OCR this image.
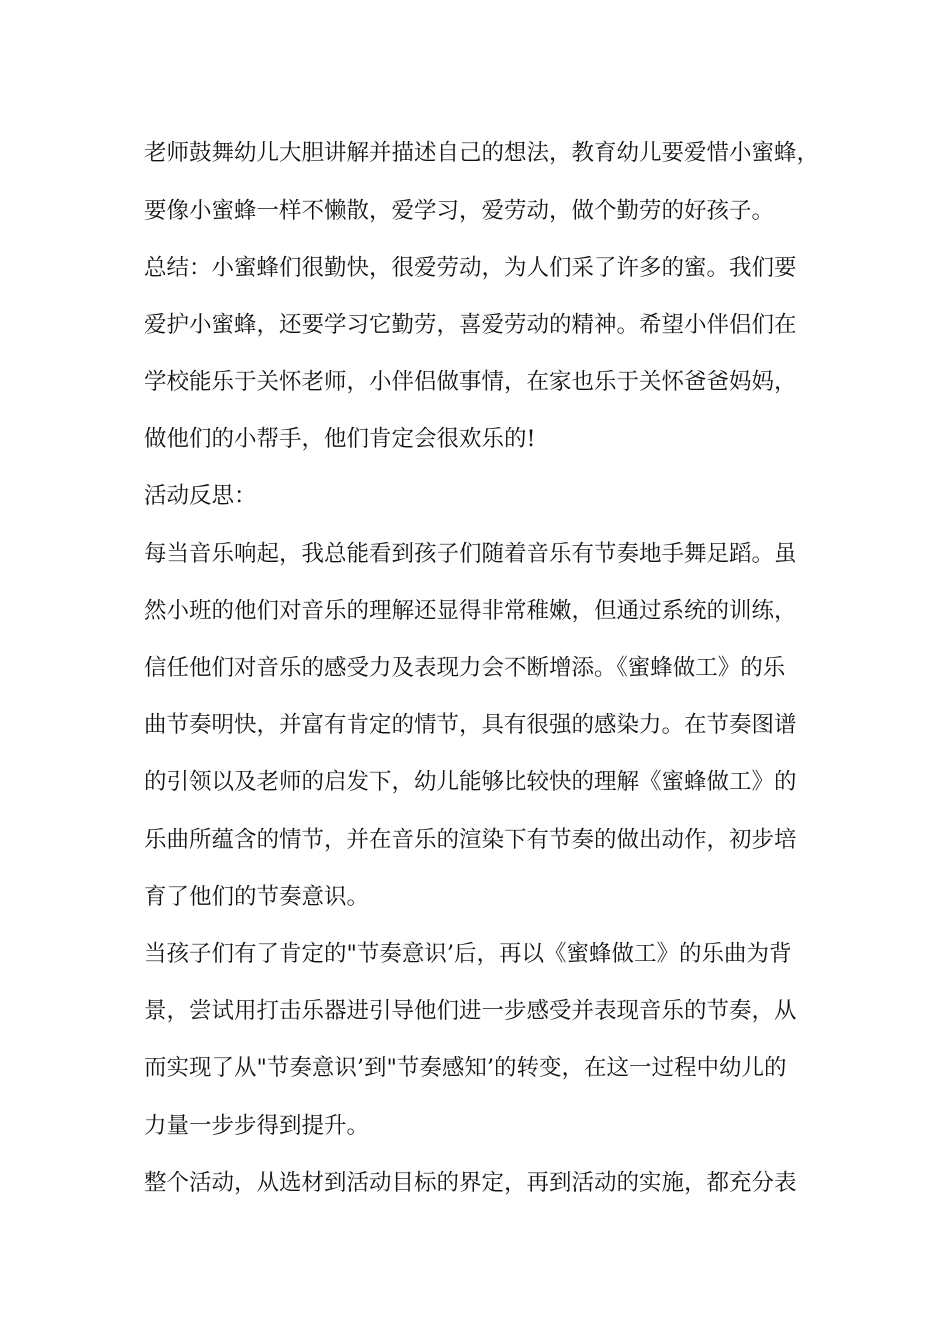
老师鼓舞幼儿大胆讲解并描述自己的想法，教育幼儿要爱惜小蜜蜂，
要像小蜜蜂一样不懒散，爱学习，爱劳动，做个勤劳的好孩子。
总结：小蜜蜂们很勤快，很爱劳动，为人们采了许多的蜜。我们要
爱护小蜜蜂，还要学习它勤劳，喜爱劳动的精神。希望小伴侣们在
学校能乐于关怀老师，小伴侣做事情，在家也乐于关怀爸爸妈妈，
做他们的小帮手，他们肯定会很欢乐的!
活动反思：
每当音乐响起，我总能看到孩子们随着音乐有节奏地手舞足蹈。虽
然小班的他们对音乐的理解还显得非常稚嫩，但通过系统的训练，
信任他们对音乐的感受力及表现力会不断增添。《蜜蜂做工》的乐
曲节奏明快，并富有肯定的情节，具有很强的感染力。在节奏图谱
的引领以及老师的启发下，幼儿能够比较快的理解《蜜蜂做工》的
乐曲所蕴含的情节，并在音乐的渲染下有节奏的做出动作，初步培
育了他们的节奏意识。
当孩子们有了肯定的"节奏意识’后，再以《蜜蜂做工》的乐曲为背
景，尝试用打击乐器进引导他们进一步感受并表现音乐的节奏，从
而实现了从"节奏意识’到"节奏感知’的转变，在这一过程中幼儿的
力量一步步得到提升。
整个活动，从选材到活动目标的界定，再到活动的实施，都充分表
